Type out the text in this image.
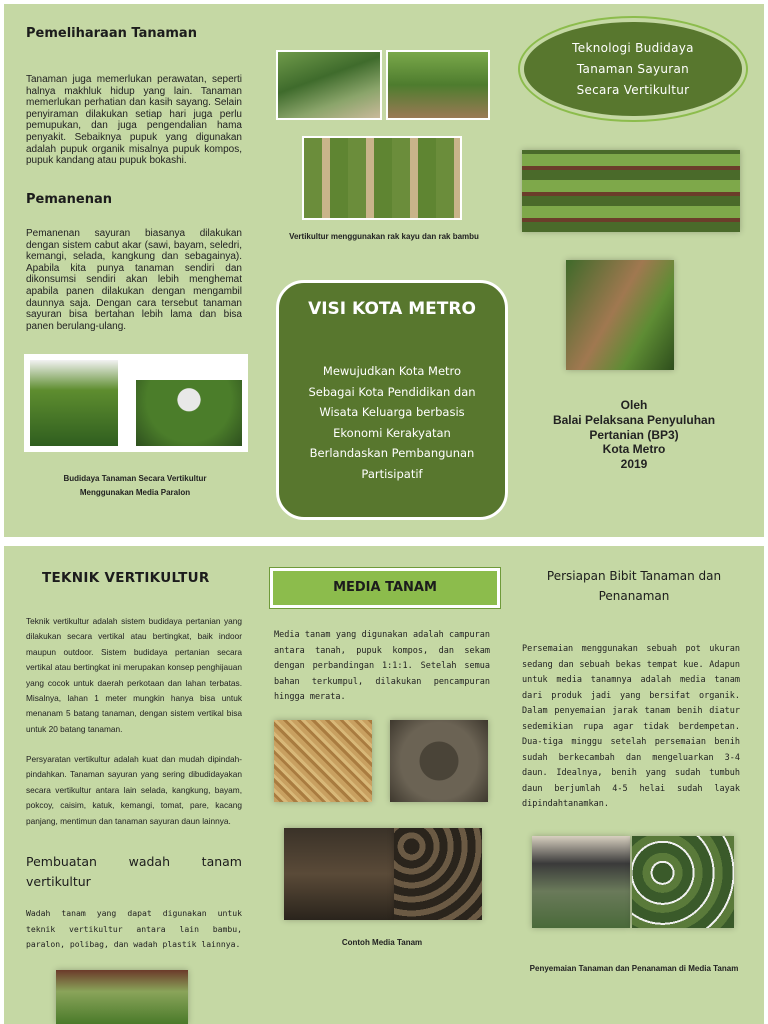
Pemeliharaan Tanaman

Tanaman juga memerlukan perawatan, seperti halnya makhluk hidup yang lain. Tanaman memerlukan perhatian dan kasih sayang. Selain penyiraman dilakukan setiap hari juga perlu pemupukan, dan juga pengendalian hama penyakit. Sebaiknya pupuk yang digunakan adalah pupuk organik misalnya pupuk kompos, pupuk kandang atau pupuk bokashi.

Pemanenan

Pemanenan sayuran biasanya dilakukan dengan sistem cabut akar (sawi, bayam, seledri, kemangi, selada, kangkung dan sebagainya). Apabila kita punya tanaman sendiri dan dikonsumsi sendiri akan lebih menghemat apabila panen dilakukan dengan mengambil daunnya saja. Dengan cara tersebut tanaman sayuran bisa bertahan lebih lama dan bisa panen berulang-ulang.

Budidaya Tanaman Secara Vertikultur Menggunakan Media Paralon
Vertikultur menggunakan rak kayu dan rak bambu
VISI KOTA METRO

Mewujudkan Kota Metro Sebagai Kota Pendidikan dan Wisata Keluarga berbasis Ekonomi Kerakyatan Berlandaskan Pembangunan Partisipatif

Teknologi Budidaya Tanaman Sayuran Secara Vertikultur
Oleh
Balai Pelaksana Penyuluhan
Pertanian (BP3)
Kota Metro
2019
TEKNIK VERTIKULTUR

Teknik vertikultur adalah sistem budidaya pertanian yang dilakukan secara vertikal atau bertingkat, baik indoor maupun outdoor. Sistem budidaya pertanian secara vertikal atau bertingkat ini merupakan konsep penghijauan yang cocok untuk daerah perkotaan dan lahan terbatas. Misalnya, lahan 1 meter mungkin hanya bisa untuk menanam 5 batang tanaman, dengan sistem vertikal bisa untuk 20 batang tanaman.

Persyaratan vertikultur adalah kuat dan mudah dipindah-pindahkan. Tanaman sayuran yang sering dibudidayakan secara vertikultur antara lain selada, kangkung, bayam, pokcoy, caisim, katuk, kemangi, tomat, pare, kacang panjang, mentimun dan tanaman sayuran daun lainnya.

Pembuatan wadah tanam vertikultur

Wadah tanam yang dapat digunakan untuk teknik vertikultur antara lain bambu, paralon, polibag, dan wadah plastik lainnya.

MEDIA TANAM

Media tanam yang digunakan adalah campuran antara tanah, pupuk kompos, dan sekam dengan perbandingan 1:1:1. Setelah semua bahan terkumpul, dilakukan pencampuran hingga merata.

Contoh Media Tanam
Persiapan Bibit Tanaman dan Penanaman

Persemaian menggunakan sebuah pot ukuran sedang dan sebuah bekas tempat kue. Adapun untuk media tanamnya adalah media tanam dari produk jadi yang bersifat organik. Dalam penyemaian jarak tanam benih diatur sedemikian rupa agar tidak berdempetan. Dua-tiga minggu setelah persemaian benih sudah berkecambah dan mengeluarkan 3-4 daun. Idealnya, benih yang sudah tumbuh daun berjumlah 4-5 helai sudah layak dipindahtanamkan.

Penyemaian Tanaman dan Penanaman di Media Tanam
